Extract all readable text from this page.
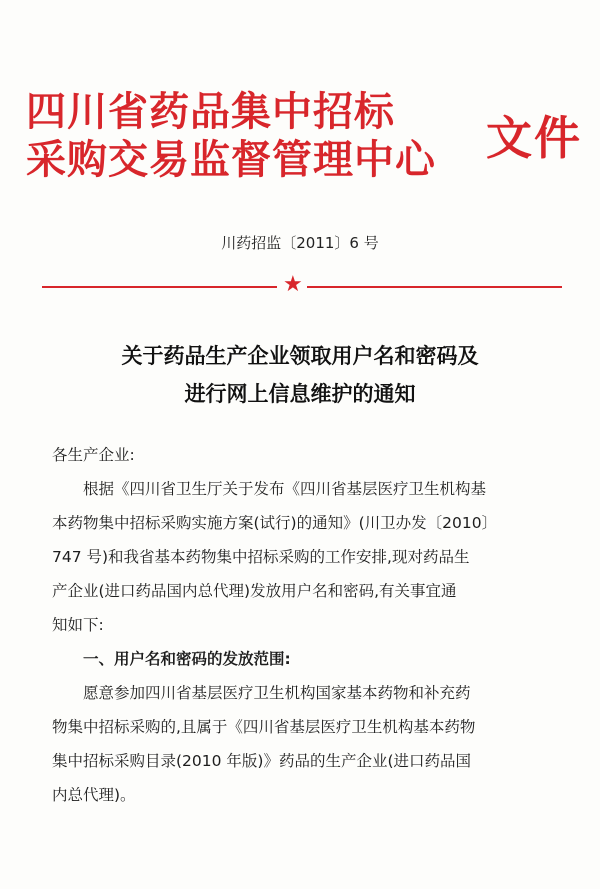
四川省药品集中招标
采购交易监督管理中心 文件
川药招监〔2011〕6 号
★
关于药品生产企业领取用户名和密码及
进行网上信息维护的通知

各生产企业:

根据《四川省卫生厅关于发布《四川省基层医疗卫生机构基

本药物集中招标采购实施方案(试行)的通知》(川卫办发〔2010〕

747 号)和我省基本药物集中招标采购的工作安排,现对药品生

产企业(进口药品国内总代理)发放用户名和密码,有关事宜通

知如下:

一、用户名和密码的发放范围:

愿意参加四川省基层医疗卫生机构国家基本药物和补充药

物集中招标采购的,且属于《四川省基层医疗卫生机构基本药物

集中招标采购目录(2010 年版)》药品的生产企业(进口药品国

内总代理)。
